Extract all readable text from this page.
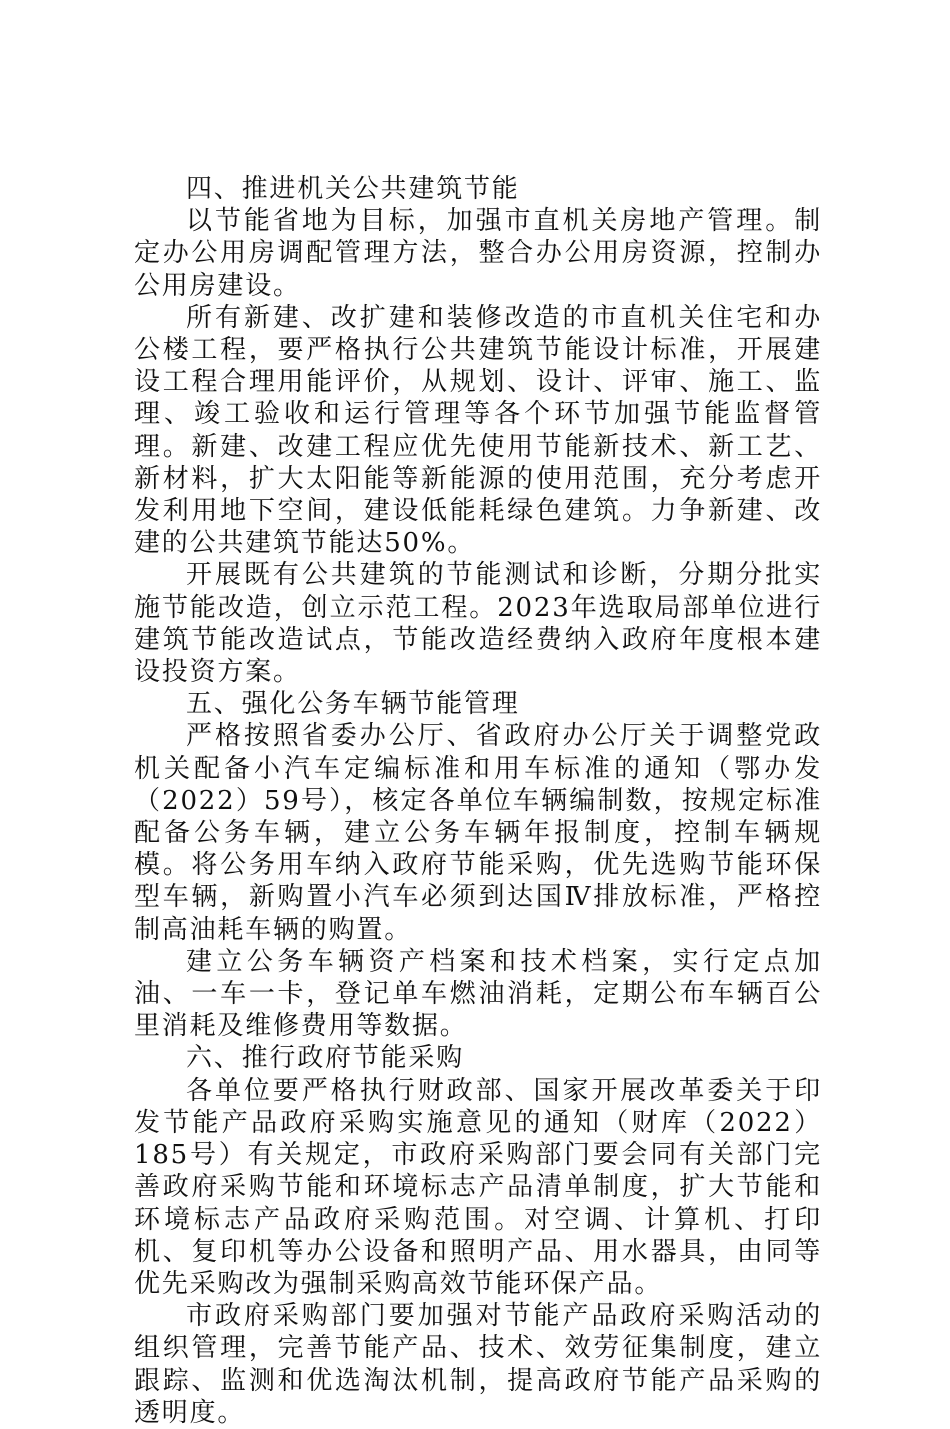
四、推进机关公共建筑节能

以节能省地为目标，加强市直机关房地产管理。制定办公用房调配管理方法，整合办公用房资源，控制办公用房建设。

所有新建、改扩建和装修改造的市直机关住宅和办公楼工程，要严格执行公共建筑节能设计标准，开展建设工程合理用能评价，从规划、设计、评审、施工、监理、竣工验收和运行管理等各个环节加强节能监督管理。新建、改建工程应优先使用节能新技术、新工艺、新材料，扩大太阳能等新能源的使用范围，充分考虑开发利用地下空间，建设低能耗绿色建筑。力争新建、改建的公共建筑节能达50%。

开展既有公共建筑的节能测试和诊断，分期分批实施节能改造，创立示范工程。2023年选取局部单位进行建筑节能改造试点，节能改造经费纳入政府年度根本建设投资方案。

五、强化公务车辆节能管理

严格按照省委办公厅、省政府办公厅关于调整党政机关配备小汽车定编标准和用车标准的通知（鄂办发（2022）59号），核定各单位车辆编制数，按规定标准配备公务车辆，建立公务车辆年报制度，控制车辆规模。将公务用车纳入政府节能采购，优先选购节能环保型车辆，新购置小汽车必须到达国Ⅳ排放标准，严格控制高油耗车辆的购置。

建立公务车辆资产档案和技术档案，实行定点加油、一车一卡，登记单车燃油消耗，定期公布车辆百公里消耗及维修费用等数据。

六、推行政府节能采购

各单位要严格执行财政部、国家开展改革委关于印发节能产品政府采购实施意见的通知（财库（2022）185号）有关规定，市政府采购部门要会同有关部门完善政府采购节能和环境标志产品清单制度，扩大节能和环境标志产品政府采购范围。对空调、计算机、打印机、复印机等办公设备和照明产品、用水器具，由同等优先采购改为强制采购高效节能环保产品。

市政府采购部门要加强对节能产品政府采购活动的组织管理，完善节能产品、技术、效劳征集制度，建立跟踪、监测和优选淘汰机制，提高政府节能产品采购的透明度。
